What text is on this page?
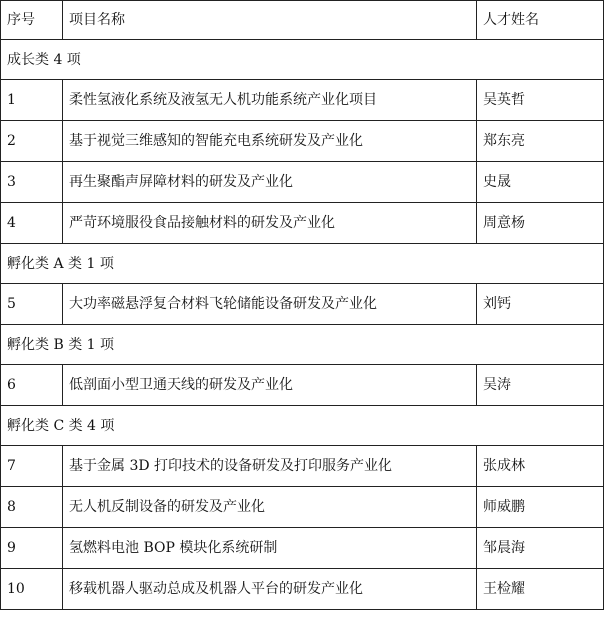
序号	项目名称	人才姓名
成长类 4 项		
1	柔性氢液化系统及液氢无人机功能系统产业化项目	吴英哲
2	基于视觉三维感知的智能充电系统研发及产业化	郑东亮
3	再生聚酯声屏障材料的研发及产业化	史晟
4	严苛环境服役食品接触材料的研发及产业化	周意杨
孵化类 A 类 1 项		
5	大功率磁悬浮复合材料飞轮储能设备研发及产业化	刘钙
孵化类 B 类 1 项		
6	低剖面小型卫通天线的研发及产业化	吴涛
孵化类 C 类 4 项		
7	基于金属 3D 打印技术的设备研发及打印服务产业化	张成林
8	无人机反制设备的研发及产业化	师威鹏
9	氢燃料电池 BOP 模块化系统研制	邹晨海
10	移载机器人驱动总成及机器人平台的研发产业化	王检耀
